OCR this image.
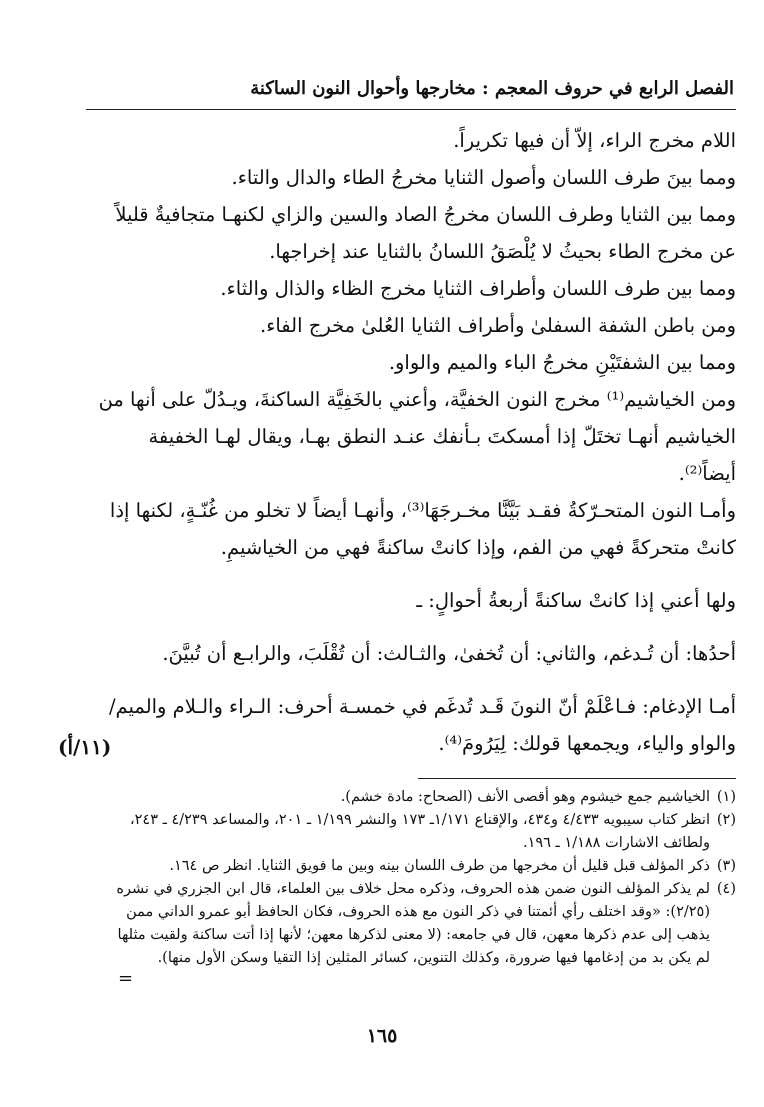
الفصل الرابع في حروف المعجم : مخارجها وأحوال النون الساكنة

اللام مخرج الراء، إلاّ أن فيها تكريراً.

ومما بينَ طرف اللسان وأصول الثنايا مخرجُ الطاء والدال والتاء.

ومما بين الثنايا وطرف اللسان مخرجُ الصاد والسين والزاي لكنهـا متجافيةٌ قليلاً عن مخرج الطاء بحيثُ لا يُلْصَقُ اللسانُ بالثنايا عند إخراجها.

ومما بين طرف اللسان وأطراف الثنايا مخرج الظاء والذال والثاء.

ومن باطن الشفة السفلىٰ وأطراف الثنايا العُلىٰ مخرج الفاء.

ومما بين الشفتَيْنِ مخرجُ الباء والميم والواو.

ومن الخياشيم⁽¹⁾ مخرج النون الخفيَّة، وأعني بالخَفِيَّة الساكنةَ، ويـدُلّ على أنها من الخياشيم أنهـا تختَلّ إذا أمسكتَ بـأنفك عنـد النطق بهـا، ويقال لهـا الخفيفة أيضاً⁽²⁾.

وأمـا النون المتحـرّكةُ فقـد بَيَّنَّا مخـرجَهَا⁽³⁾، وأنهـا أيضاً لا تخلو من غُنّـةٍ، لكنها إذا كانتْ متحركةً فهي من الفم، وإذا كانتْ ساكنةً فهي من الخياشيمِ.

ولها أعني إذا كانتْ ساكنةً أربعةُ أحوالٍ: ـ

أحدُها: أن تُـدغم، والثاني: أن تُخفىٰ، والثـالث: أن تُقْلَبَ، والرابـع أن تُبيَّنَ.

أمـا الإدغام: فـاعْلَمْ أنّ النونَ قَـد تُدغَم في خمسـة أحرف: الـراء والـلام والميم/ والواو والياء، ويجمعها قولك: لِيَرُومَ⁽⁴⁾.

(١١/أ)
(١)
الخياشيم جمع خيشوم وهو أقصى الأنف (الصحاح: مادة خشم).
(٢)
انظر كتاب سيبويه ٤/٤٣٣ و٤٣٤، والإقناع ١/١٧١ـ ١٧٣ والنشر ١/١٩٩ ـ ٢٠١، والمساعد ٤/٢٣٩ ـ ٢٤٣، ولطائف الاشارات ١/١٨٨ ـ ١٩٦.
(٣)
ذكر المؤلف قبل قليل أن مخرجها من طرف اللسان بينه وبين ما فويق الثنايا. انظر ص ١٦٤.
(٤)
لم يذكر المؤلف النون ضمن هذه الحروف، وذكره محل خلاف بين العلماء، قال ابن الجزري في نشره (٢/٢٥): «وقد اختلف رأي أئمتنا في ذكر النون مع هذه الحروف، فكان الحافظ أبو عمرو الداني ممن يذهب إلى عدم ذكرها معهن، قال في جامعه: (لا معنى لذكرها معهن؛ لأنها إذا أتت ساكنة ولقيت مثلها لم يكن بد من إدغامها فيها ضرورة، وكذلك التنوين، كسائر المثلين إذا التقيا وسكن الأول منها).
=
١٦٥
